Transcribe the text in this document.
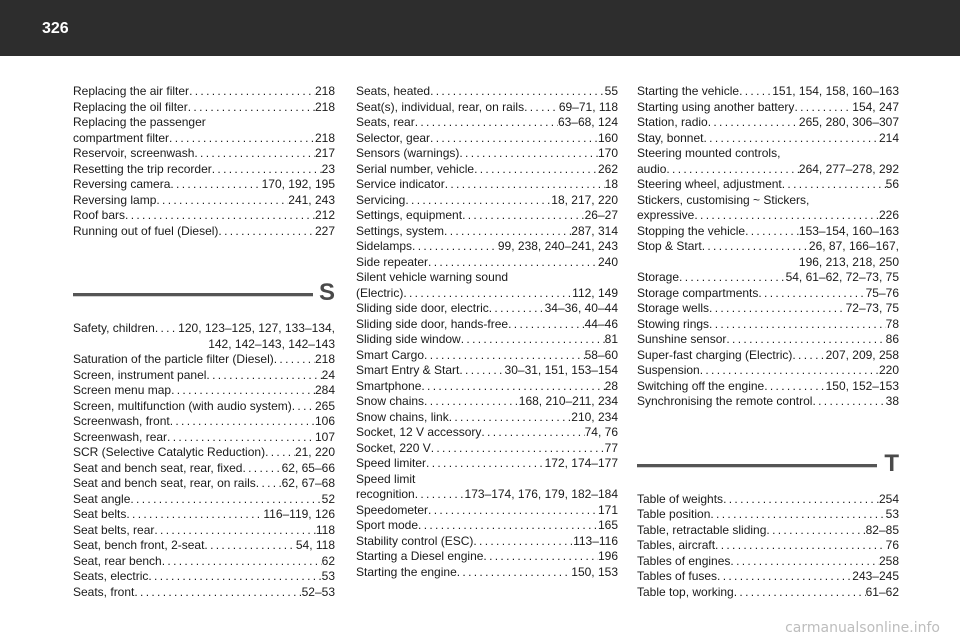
326
Replacing the air filter . . .	218
Replacing the oil filter . . .	218
Replacing the passenger
compartment filter . . .	218
Reservoir, screenwash . . .	217
Resetting the trip recorder . . .	23
Reversing camera . . .	170, 192, 195
Reversing lamp . . .	241, 243
Roof bars . . .	212
Running out of fuel (Diesel) . . .	227
S
Safety, children . . . 120, 123–125, 127, 133–134,
142, 142–143, 142–143
Saturation of the particle filter (Diesel) . . .	218
Screen, instrument panel . . .	24
Screen menu map . . .	284
Screen, multifunction (with audio system) . . . 265
Screenwash, front . . .	106
Screenwash, rear . . .	107
SCR (Selective Catalytic Reduction) . . . 21, 220
Seat and bench seat, rear, fixed . . .	62, 65–66
Seat and bench seat, rear, on rails . . . 62, 67–68
Seat angle . . .	52
Seat belts . . .	116–119, 126
Seat belts, rear . . .	118
Seat, bench front, 2-seat . . .	54, 118
Seat, rear bench . . .	62
Seats, electric . . .	53
Seats, front . . .	52–53
Seats, heated . . .	55
Seat(s), individual, rear, on rails . . .	69–71, 118
Seats, rear . . .	63–68, 124
Selector, gear . . .	160
Sensors (warnings) . . .	170
Serial number, vehicle . . .	262
Service indicator . . .	18
Servicing . . .	18, 217, 220
Settings, equipment . . .	26–27
Settings, system . . .	287, 314
Sidelamps . . .	99, 238, 240–241, 243
Side repeater . . .	240
Silent vehicle warning sound
(Electric) . . .	112, 149
Sliding side door, electric . . .	34–36, 40–44
Sliding side door, hands-free . . .	44–46
Sliding side window . . .	81
Smart Cargo . . .	58–60
Smart Entry & Start . . .	30–31, 151, 153–154
Smartphone . . .	28
Snow chains . . .	168, 210–211, 234
Snow chains, link . . .	210, 234
Socket, 12 V accessory . . .	74, 76
Socket, 220 V . . .	77
Speed limiter . . .	172, 174–177
Speed limit
recognition . . .	173–174, 176, 179, 182–184
Speedometer . . .	171
Sport mode . . .	165
Stability control (ESC) . . .	113–116
Starting a Diesel engine . . .	196
Starting the engine . . .	150, 153
Starting the vehicle . . .	151, 154, 158, 160–163
Starting using another battery . . .	154, 247
Station, radio . . .	265, 280, 306–307
Stay, bonnet . . .	214
Steering mounted controls,
audio . . .	264, 277–278, 292
Steering wheel, adjustment . . .	56
Stickers, customising ~ Stickers,
expressive . . .	226
Stopping the vehicle . . .	153–154, 160–163
Stop & Start . . .	26, 87, 166–167,
196, 213, 218, 250
Storage . . .	54, 61–62, 72–73, 75
Storage compartments . . .	75–76
Storage wells . . .	72–73, 75
Stowing rings . . .	78
Sunshine sensor . . .	86
Super-fast charging (Electric) . . .	207, 209, 258
Suspension . . .	220
Switching off the engine . . .	150, 152–153
Synchronising the remote control . . .	38
T
Table of weights . . .	254
Table position . . .	53
Table, retractable sliding . . .	82–85
Tables, aircraft . . .	76
Tables of engines . . .	258
Tables of fuses . . .	243–245
Table top, working . . .	61–62
carmanualsonline.info
